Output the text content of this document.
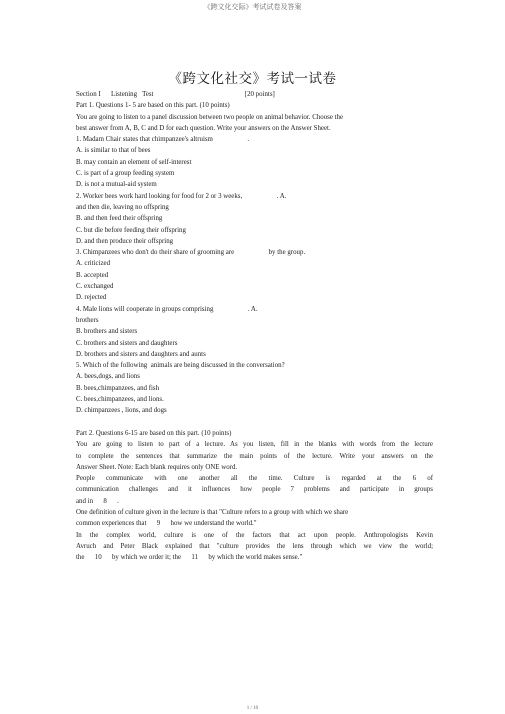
《跨文化交际》考试试卷及答案
《跨文化社交》考试一试卷
Section I      Listening   Test                                                     [20 points]
Part 1. Questions 1- 5 are based on this part. (10 points)
You are going to listen to a panel discussion between two people on animal behavior. Choose the
best answer from A, B, C and D for each question. Write your answers on the Answer Sheet.
1. Madam Chair states that chimpanzee's altruism                    .
A. is similar to that of bees
B. may contain an element of self-interest
C. is part of a group feeding system
D. is not a mutual-aid system
2. Worker bees work hard looking for food for 2 or 3 weeks,                    . A.
and then die, leaving no offspring
B. and then feed their offspring
C. but die before feeding their offspring
D. and then produce their offspring
3. Chimpanzees who don't do their share of grooming are                    by the group.
A. criticized
B. accepted
C. exchanged
D. rejected
4. Male lions will cooperate in groups comprising                    . A.
brothers
B. brothers and sisters
C. brothers and sisters and daughters
D. brothers and sisters and daughters and aunts
5. Which of the following  animals are being discussed in the conversation?
A. bees,dogs, and lions
B. bees,chimpanzees, and fish
C. bees,chimpanzees, and lions.
D. chimpanzees , lions, and dogs
Part 2. Questions 6-15 are based on this part. (10 points)
You are going to listen to part of a lecture. As you listen, fill in the blanks with words from the lecture
to complete the sentences that summarize the main points of the lecture. Write your answers on the
Answer Sheet. Note: Each blank requires only ONE word.
People communicate with one another all the time. Culture is regarded at the 6 of
communication challenges and it influences how people 7 problems and participate in groups
and in      8      .
One definition of culture given in the lecture is that "Culture refers to a group with which we share
common experiences that      9      how we understand the world."
In the complex world, culture is one of the factors that act upon people. Anthropologists Kevin
Avruch and Peter Black explained that "culture provides the lens through which we view the world;
the      10      by which we order it; the      11      by which the world makes sense."
1 / 10
